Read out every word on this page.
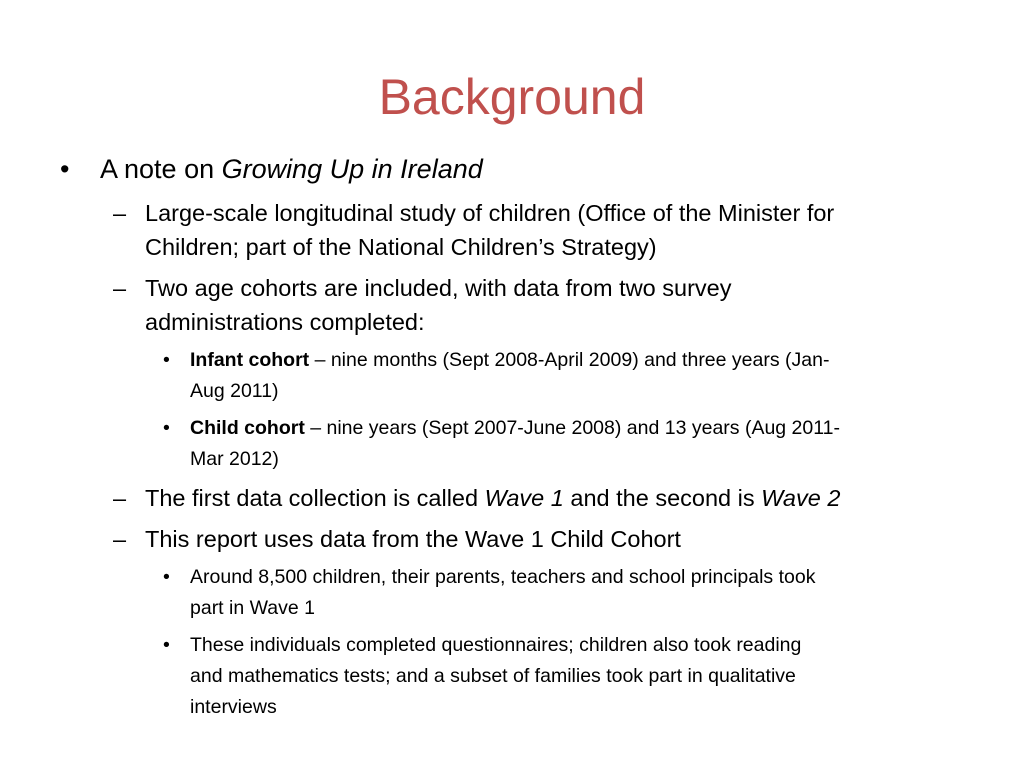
Background
• A note on Growing Up in Ireland
– Large-scale longitudinal study of children (Office of the Minister for
Children; part of the National Children’s Strategy)
– Two age cohorts are included, with data from two survey
administrations completed:
• Infant cohort – nine months (Sept 2008-April 2009) and three years (Jan-
Aug 2011)
• Child cohort – nine years (Sept 2007-June 2008) and 13 years (Aug 2011-
Mar 2012)
– The first data collection is called Wave 1 and the second is Wave 2
– This report uses data from the Wave 1 Child Cohort
• Around 8,500 children, their parents, teachers and school principals took
part in Wave 1
• These individuals completed questionnaires; children also took reading
and mathematics tests; and a subset of families took part in qualitative
interviews
